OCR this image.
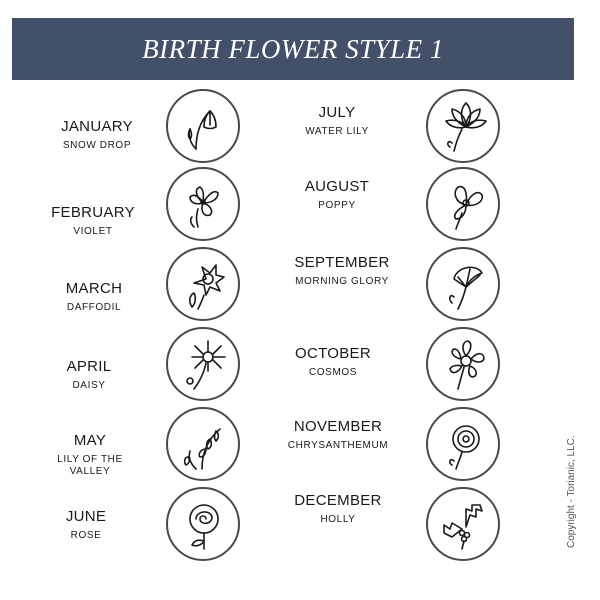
BIRTH FLOWER STYLE 1
JANUARY
SNOW DROP
FEBRUARY
VIOLET
MARCH
DAFFODIL
APRIL
DAISY
MAY
LILY OF THE VALLEY
JUNE
ROSE
JULY
WATER LILY
AUGUST
POPPY
SEPTEMBER
MORNING GLORY
OCTOBER
COSMOS
NOVEMBER
CHRYSANTHEMUM
DECEMBER
HOLLY	Copyright - Torianic, LLC.
